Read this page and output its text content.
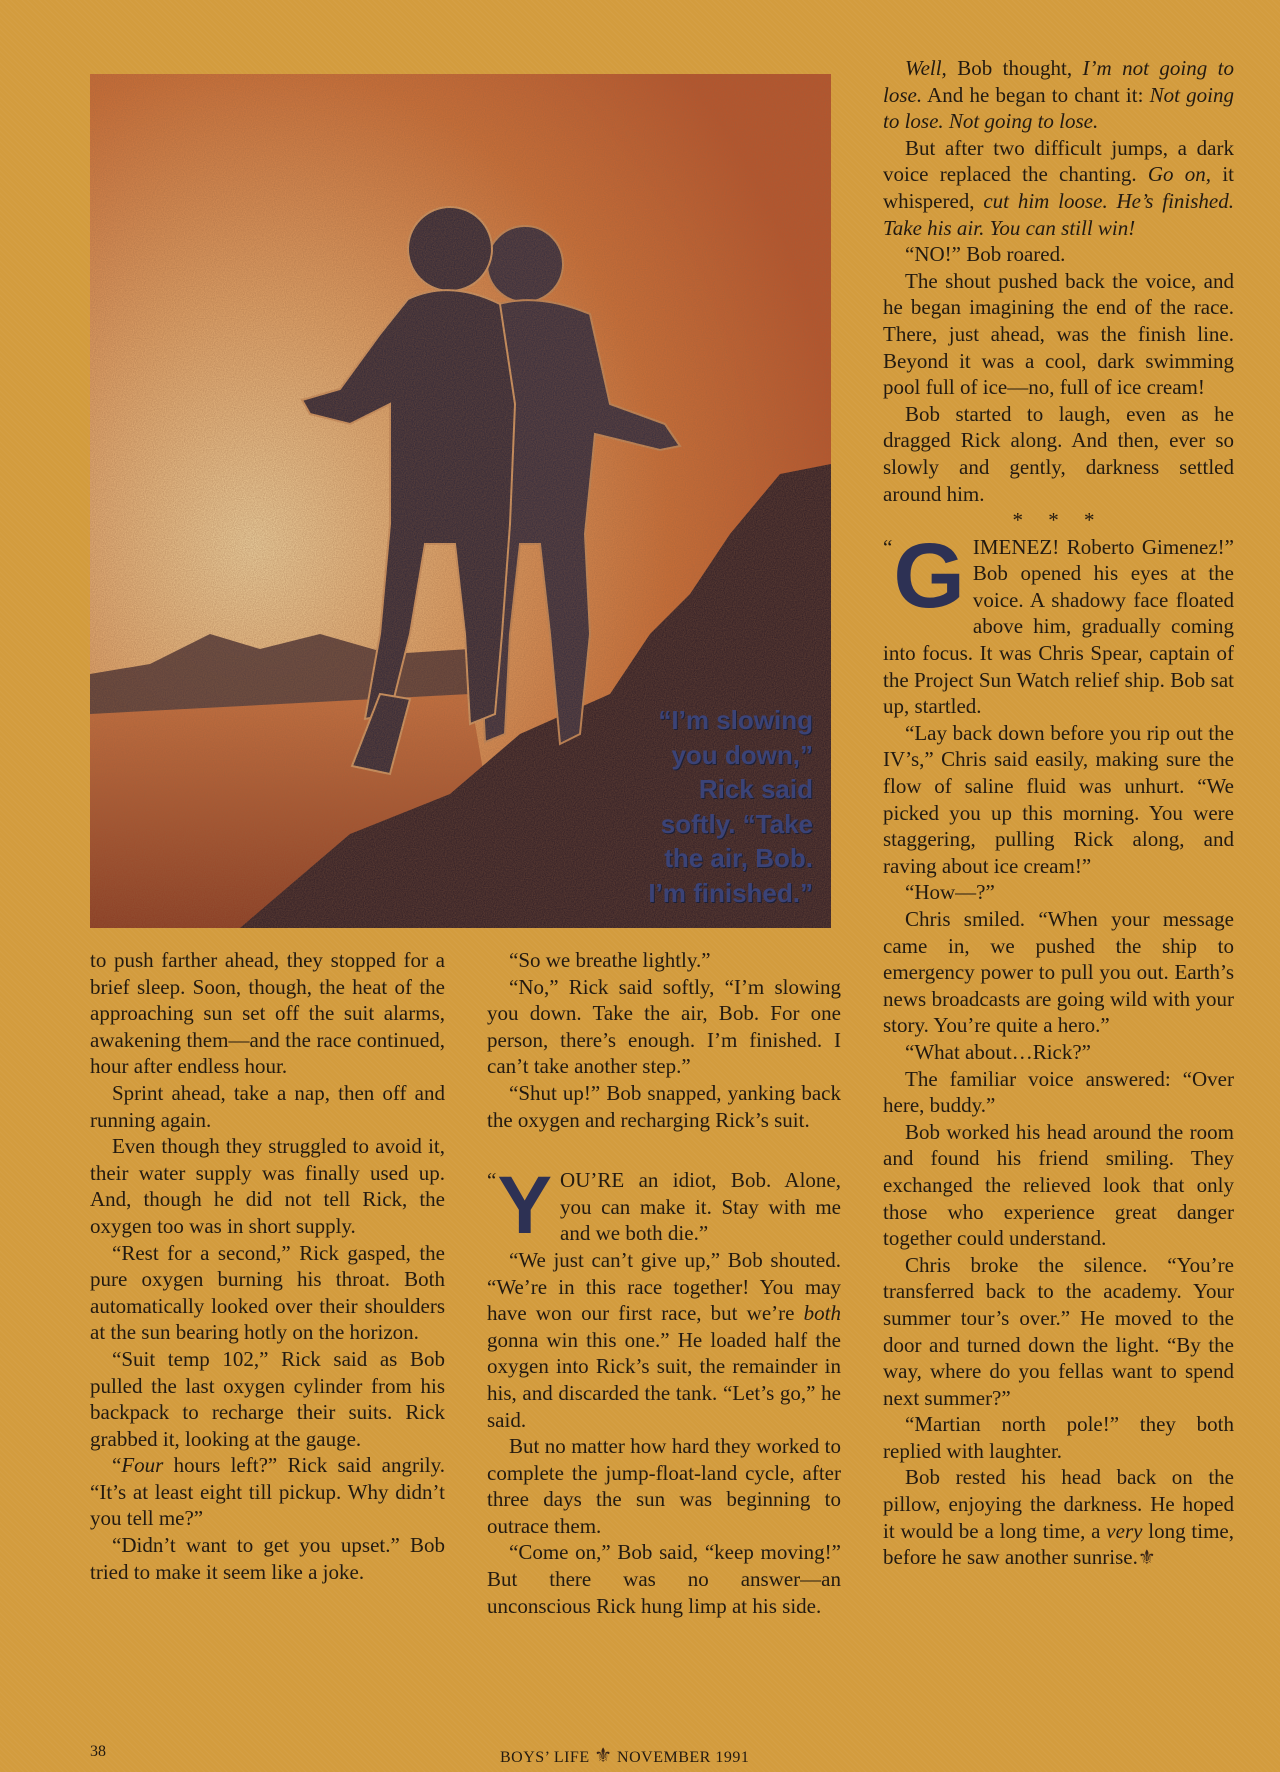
“I’m slowing
you down,”
Rick said
softly. “Take
the air, Bob.
I’m finished.”

to push farther ahead, they stopped for a brief sleep. Soon, though, the heat of the approaching sun set off the suit alarms, awakening them—and the race continued, hour after endless hour.

Sprint ahead, take a nap, then off and running again.

Even though they struggled to avoid it, their water supply was finally used up. And, though he did not tell Rick, the oxygen too was in short supply.

“Rest for a second,” Rick gasped, the pure oxygen burning his throat. Both automatically looked over their shoulders at the sun bearing hotly on the horizon.

“Suit temp 102,” Rick said as Bob pulled the last oxygen cylinder from his backpack to recharge their suits. Rick grabbed it, looking at the gauge.

“Four hours left?” Rick said angrily. “It’s at least eight till pickup. Why didn’t you tell me?”

“Didn’t want to get you upset.” Bob tried to make it seem like a joke.

“So we breathe lightly.”

“No,” Rick said softly, “I’m slowing you down. Take the air, Bob. For one person, there’s enough. I’m finished. I can’t take another step.”

“Shut up!” Bob snapped, yanking back the oxygen and recharging Rick’s suit.

“ Y OU’RE an idiot, Bob. Alone, you can make it. Stay with me and we both die.”

“We just can’t give up,” Bob shouted. “We’re in this race together! You may have won our first race, but we’re both gonna win this one.” He loaded half the oxygen into Rick’s suit, the remainder in his, and discarded the tank. “Let’s go,” he said.

But no matter how hard they worked to complete the jump-float-land cycle, after three days the sun was beginning to outrace them.

“Come on,” Bob said, “keep moving!” But there was no answer—an unconscious Rick hung limp at his side.

Well, Bob thought, I’m not going to lose. And he began to chant it: Not going to lose. Not going to lose.

But after two difficult jumps, a dark voice replaced the chanting. Go on, it whispered, cut him loose. He’s finished. Take his air. You can still win!

“NO!” Bob roared.

The shout pushed back the voice, and he began imagining the end of the race. There, just ahead, was the finish line. Beyond it was a cool, dark swimming pool full of ice—no, full of ice cream!

Bob started to laugh, even as he dragged Rick along. And then, ever so slowly and gently, darkness settled around him.

* * *

“ G IMENEZ! Roberto Gimenez!” Bob opened his eyes at the voice. A shadowy face floated above him, gradually coming into focus. It was Chris Spear, captain of the Project Sun Watch relief ship. Bob sat up, startled.

“Lay back down before you rip out the IV’s,” Chris said easily, making sure the flow of saline fluid was unhurt. “We picked you up this morning. You were staggering, pulling Rick along, and raving about ice cream!”

“How—?”

Chris smiled. “When your message came in, we pushed the ship to emergency power to pull you out. Earth’s news broadcasts are going wild with your story. You’re quite a hero.”

“What about…Rick?”

The familiar voice answered: “Over here, buddy.”

Bob worked his head around the room and found his friend smiling. They exchanged the relieved look that only those who experience great danger together could understand.

Chris broke the silence. “You’re transferred back to the academy. Your summer tour’s over.” He moved to the door and turned down the light. “By the way, where do you fellas want to spend next summer?”

“Martian north pole!” they both replied with laughter.

Bob rested his head back on the pillow, enjoying the darkness. He hoped it would be a long time, a very long time, before he saw another sunrise.⚜

38	BOYS’ LIFE ⚜ NOVEMBER 1991
